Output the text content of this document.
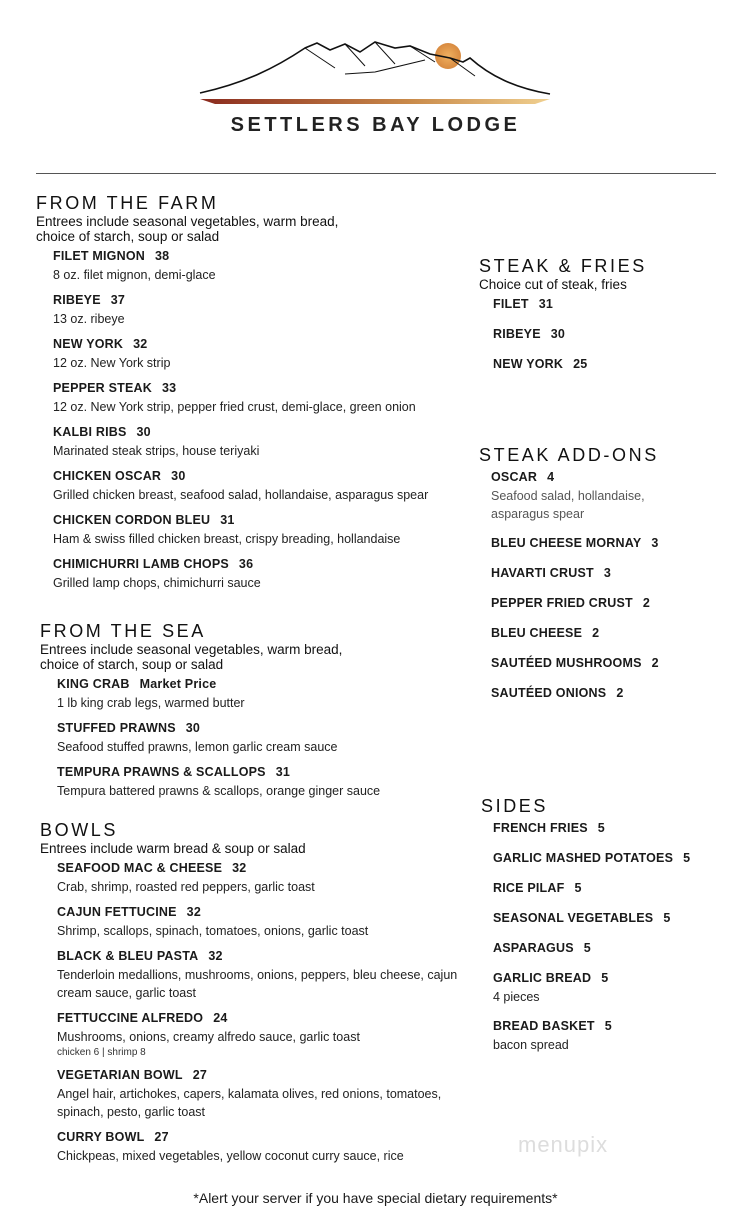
SETTLERS BAY LODGE
FROM THE FARM
Entrees include seasonal vegetables, warm bread, choice of starch, soup or salad
FILET MIGNON 38
8 oz. filet mignon, demi-glace
RIBEYE 37
13 oz. ribeye
NEW YORK 32
12 oz. New York strip
PEPPER STEAK 33
12 oz. New York strip, pepper fried crust, demi-glace, green onion
KALBI RIBS 30
Marinated steak strips, house teriyaki
CHICKEN OSCAR 30
Grilled chicken breast, seafood salad, hollandaise, asparagus spear
CHICKEN CORDON BLEU 31
Ham & swiss filled chicken breast, crispy breading, hollandaise
CHIMICHURRI LAMB CHOPS 36
Grilled lamp chops, chimichurri sauce
FROM THE SEA
Entrees include seasonal vegetables, warm bread, choice of starch, soup or salad
KING CRAB Market Price
1 lb king crab legs, warmed butter
STUFFED PRAWNS 30
Seafood stuffed prawns, lemon garlic cream sauce
TEMPURA PRAWNS & SCALLOPS 31
Tempura battered prawns & scallops, orange ginger sauce
BOWLS
Entrees include warm bread & soup or salad
SEAFOOD MAC & CHEESE 32
Crab, shrimp, roasted red peppers, garlic toast
CAJUN FETTUCINE 32
Shrimp, scallops, spinach, tomatoes, onions, garlic toast
BLACK & BLEU PASTA 32
Tenderloin medallions, mushrooms, onions, peppers, bleu cheese, cajun cream sauce, garlic toast
FETTUCCINE ALFREDO 24
Mushrooms, onions, creamy alfredo sauce, garlic toast
chicken 6 | shrimp 8
VEGETARIAN BOWL 27
Angel hair, artichokes, capers, kalamata olives, red onions, tomatoes, spinach, pesto, garlic toast
CURRY BOWL 27
Chickpeas, mixed vegetables, yellow coconut curry sauce, rice
STEAK & FRIES
Choice cut of steak, fries
FILET 31
RIBEYE 30
NEW YORK 25
STEAK ADD-ONS
OSCAR 4
Seafood salad, hollandaise, asparagus spear
BLEU CHEESE MORNAY 3
HAVARTI CRUST 3
PEPPER FRIED CRUST 2
BLEU CHEESE 2
SAUTÉED MUSHROOMS 2
SAUTÉED ONIONS 2
SIDES
FRENCH FRIES 5
GARLIC MASHED POTATOES 5
RICE PILAF 5
SEASONAL VEGETABLES 5
ASPARAGUS 5
GARLIC BREAD 5
4 pieces
BREAD BASKET 5
bacon spread
menupix
*Alert your server if you have special dietary requirements*
